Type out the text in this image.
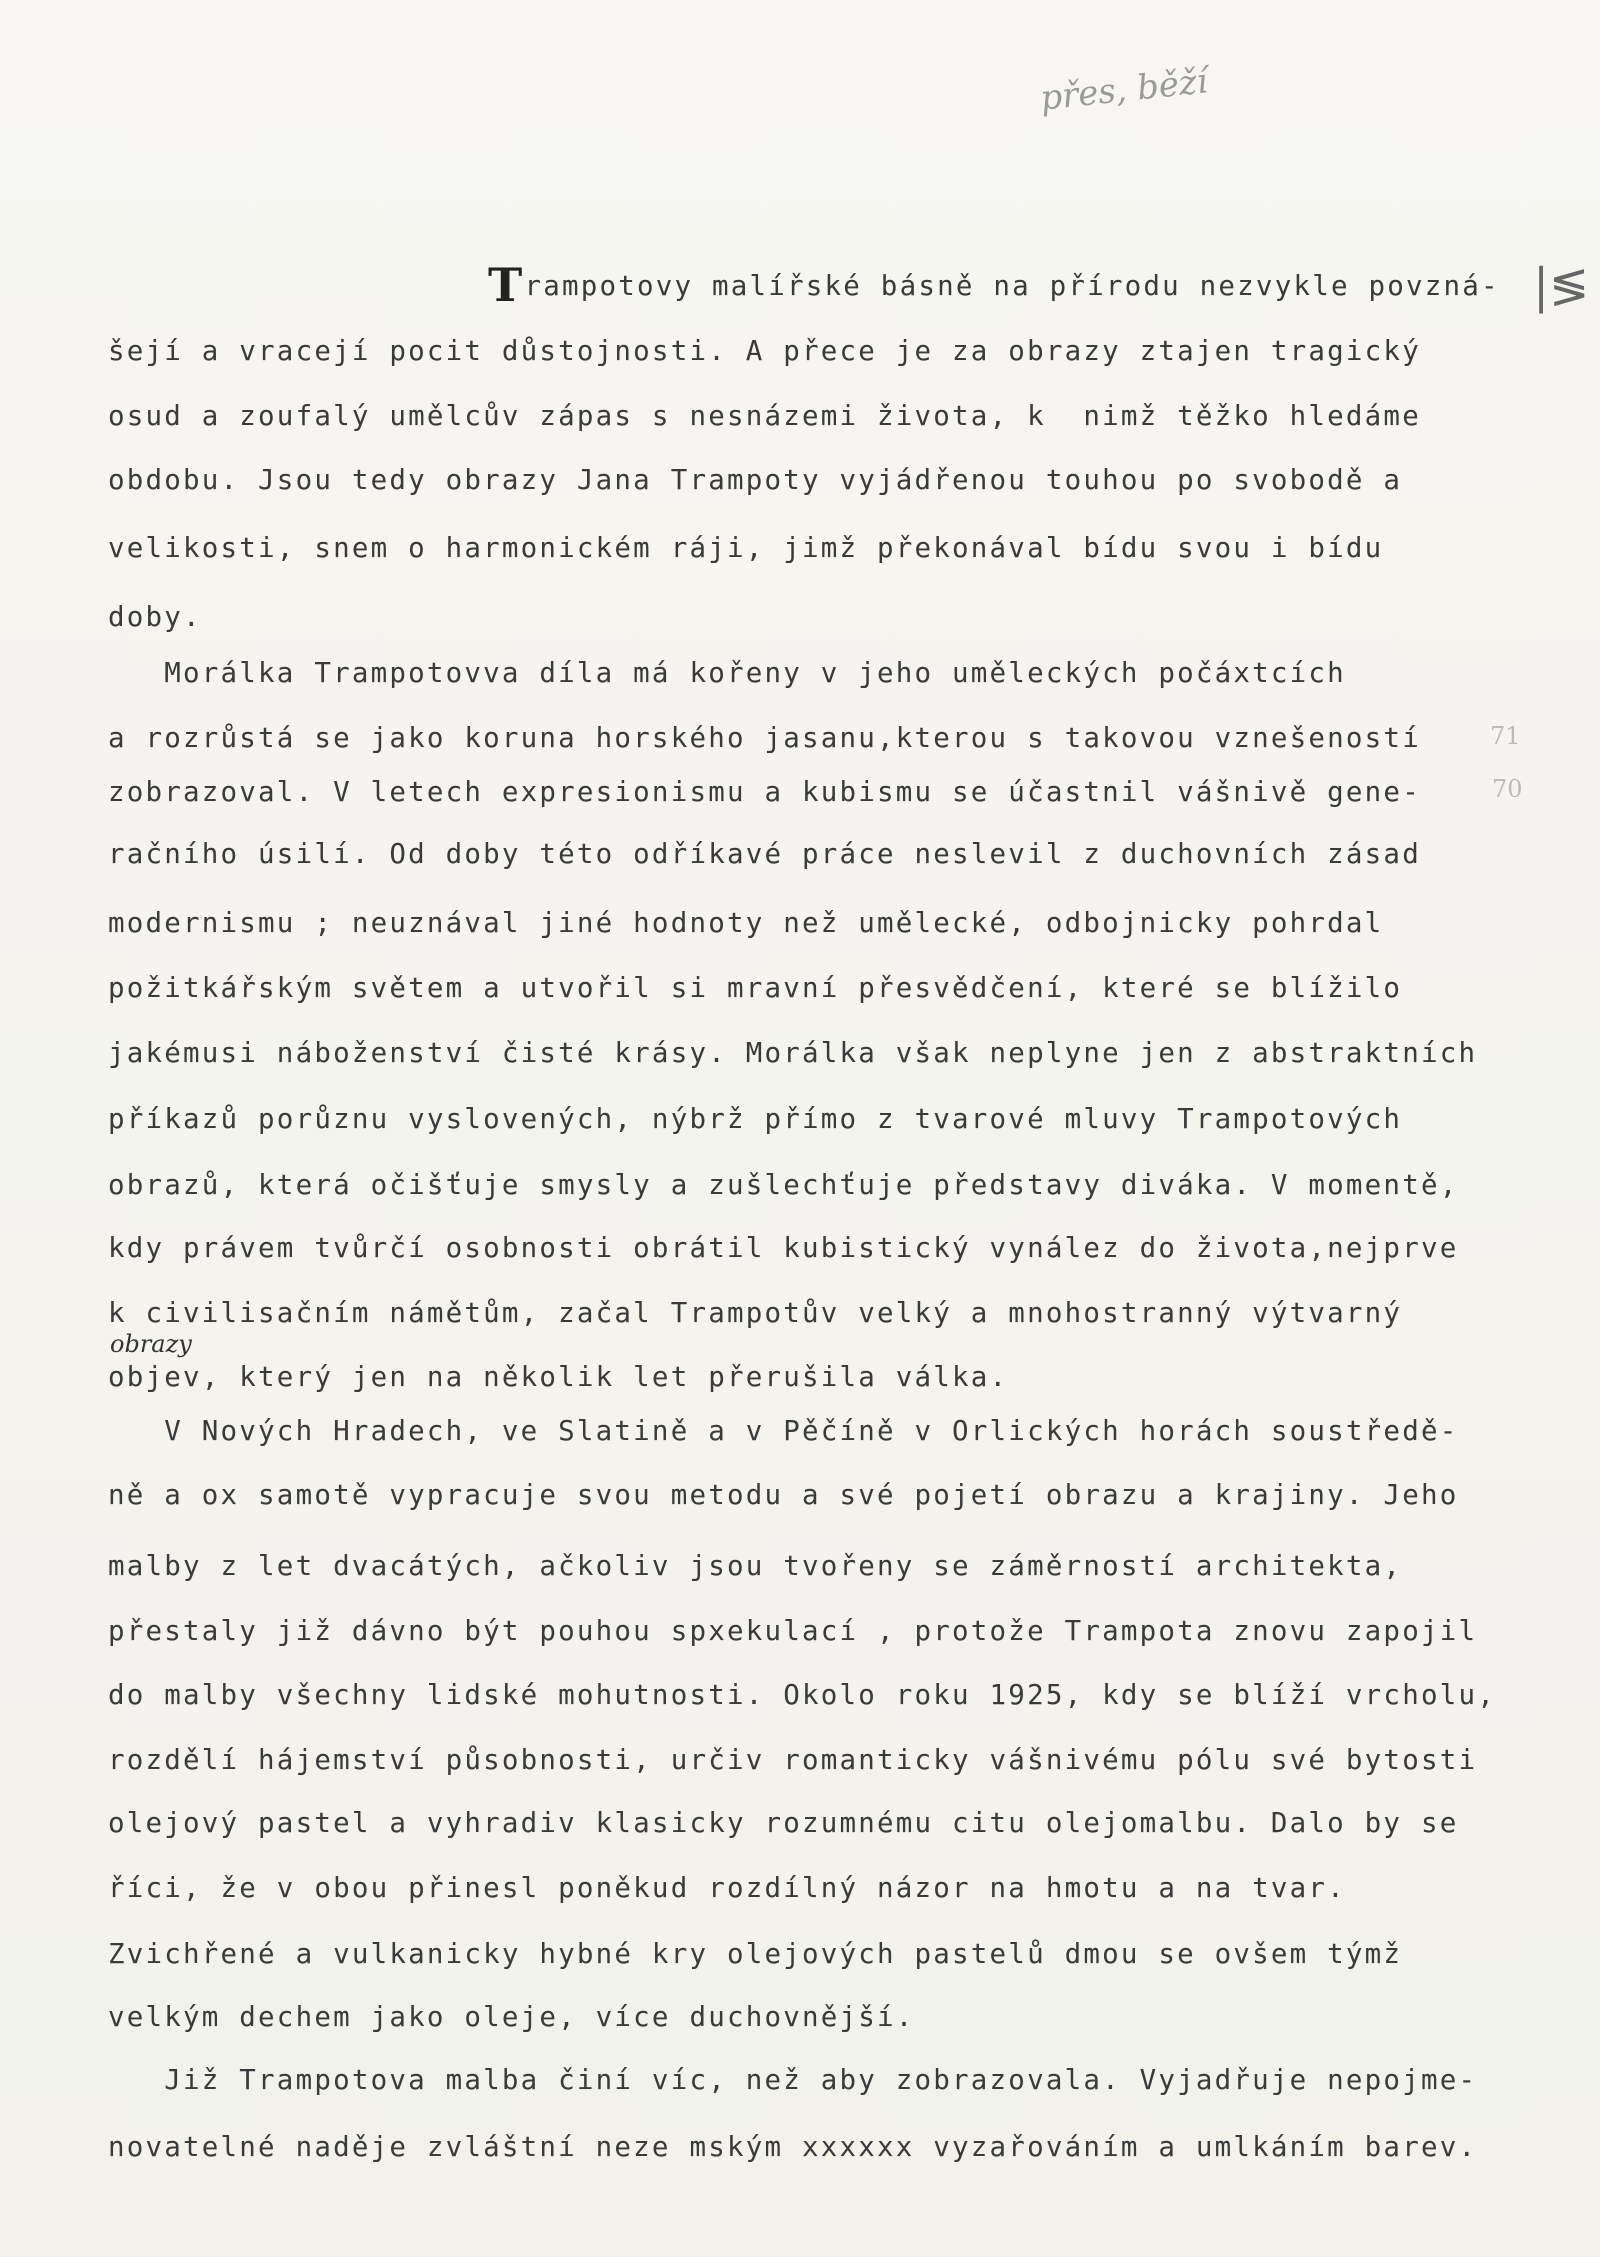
přes, běží
|≶
71
70
Trampotovy malířské básně na přírodu nezvykle povzná-
šejí a vracejí pocit důstojnosti. A přece je za obrazy ztajen tragický
osud a zoufalý umělcův zápas s nesnázemi života, k  nimž těžko hledáme
obdobu. Jsou tedy obrazy Jana Trampoty vyjádřenou touhou po svobodě a
velikosti, snem o harmonickém ráji, jimž překonával bídu svou i bídu
doby.
Morálka Trampotovva díla má kořeny v jeho uměleckých počáxtcích
a rozrůstá se jako koruna horského jasanu,kterou s takovou vznešeností
zobrazoval. V letech expresionismu a kubismu se účastnil vášnivě gene-
račního úsilí. Od doby této odříkavé práce neslevil z duchovních zásad
modernismu ; neuznával jiné hodnoty než umělecké, odbojnicky pohrdal
požitkářským světem a utvořil si mravní přesvědčení, které se blížilo
jakémusi náboženství čisté krásy. Morálka však neplyne jen z abstraktních
příkazů porůznu vyslovených, nýbrž přímo z tvarové mluvy Trampotových
obrazů, která očišťuje smysly a zušlechťuje představy diváka. V momentě,
kdy právem tvůrčí osobnosti obrátil kubistický vynález do života,nejprve
k civilisačním námětům, začal Trampotův velký a mnohostranný výtvarný
objev, který jen na několik let přerušila válka.
V Nových Hradech, ve Slatině a v Pěčíně v Orlických horách soustředě-
ně a ox samotě vypracuje svou metodu a své pojetí obrazu a krajiny. Jeho
obrazy
malby z let dvacátých, ačkoliv jsou tvořeny se záměrností architekta,
přestaly již dávno být pouhou spxekulací , protože Trampota znovu zapojil
do malby všechny lidské mohutnosti. Okolo roku 1925, kdy se blíží vrcholu,
rozdělí hájemství působnosti, určiv romanticky vášnivému pólu své bytosti
olejový pastel a vyhradiv klasicky rozumnému citu olejomalbu. Dalo by se
říci, že v obou přinesl poněkud rozdílný názor na hmotu a na tvar.
Zvichřené a vulkanicky hybné kry olejových pastelů dmou se ovšem týmž
velkým dechem jako oleje, více duchovnější.
Již Trampotova malba činí víc, než aby zobrazovala. Vyjadřuje nepojme-
novatelné naděje zvláštní neze mským xxxxxx vyzařováním a umlkáním barev.
